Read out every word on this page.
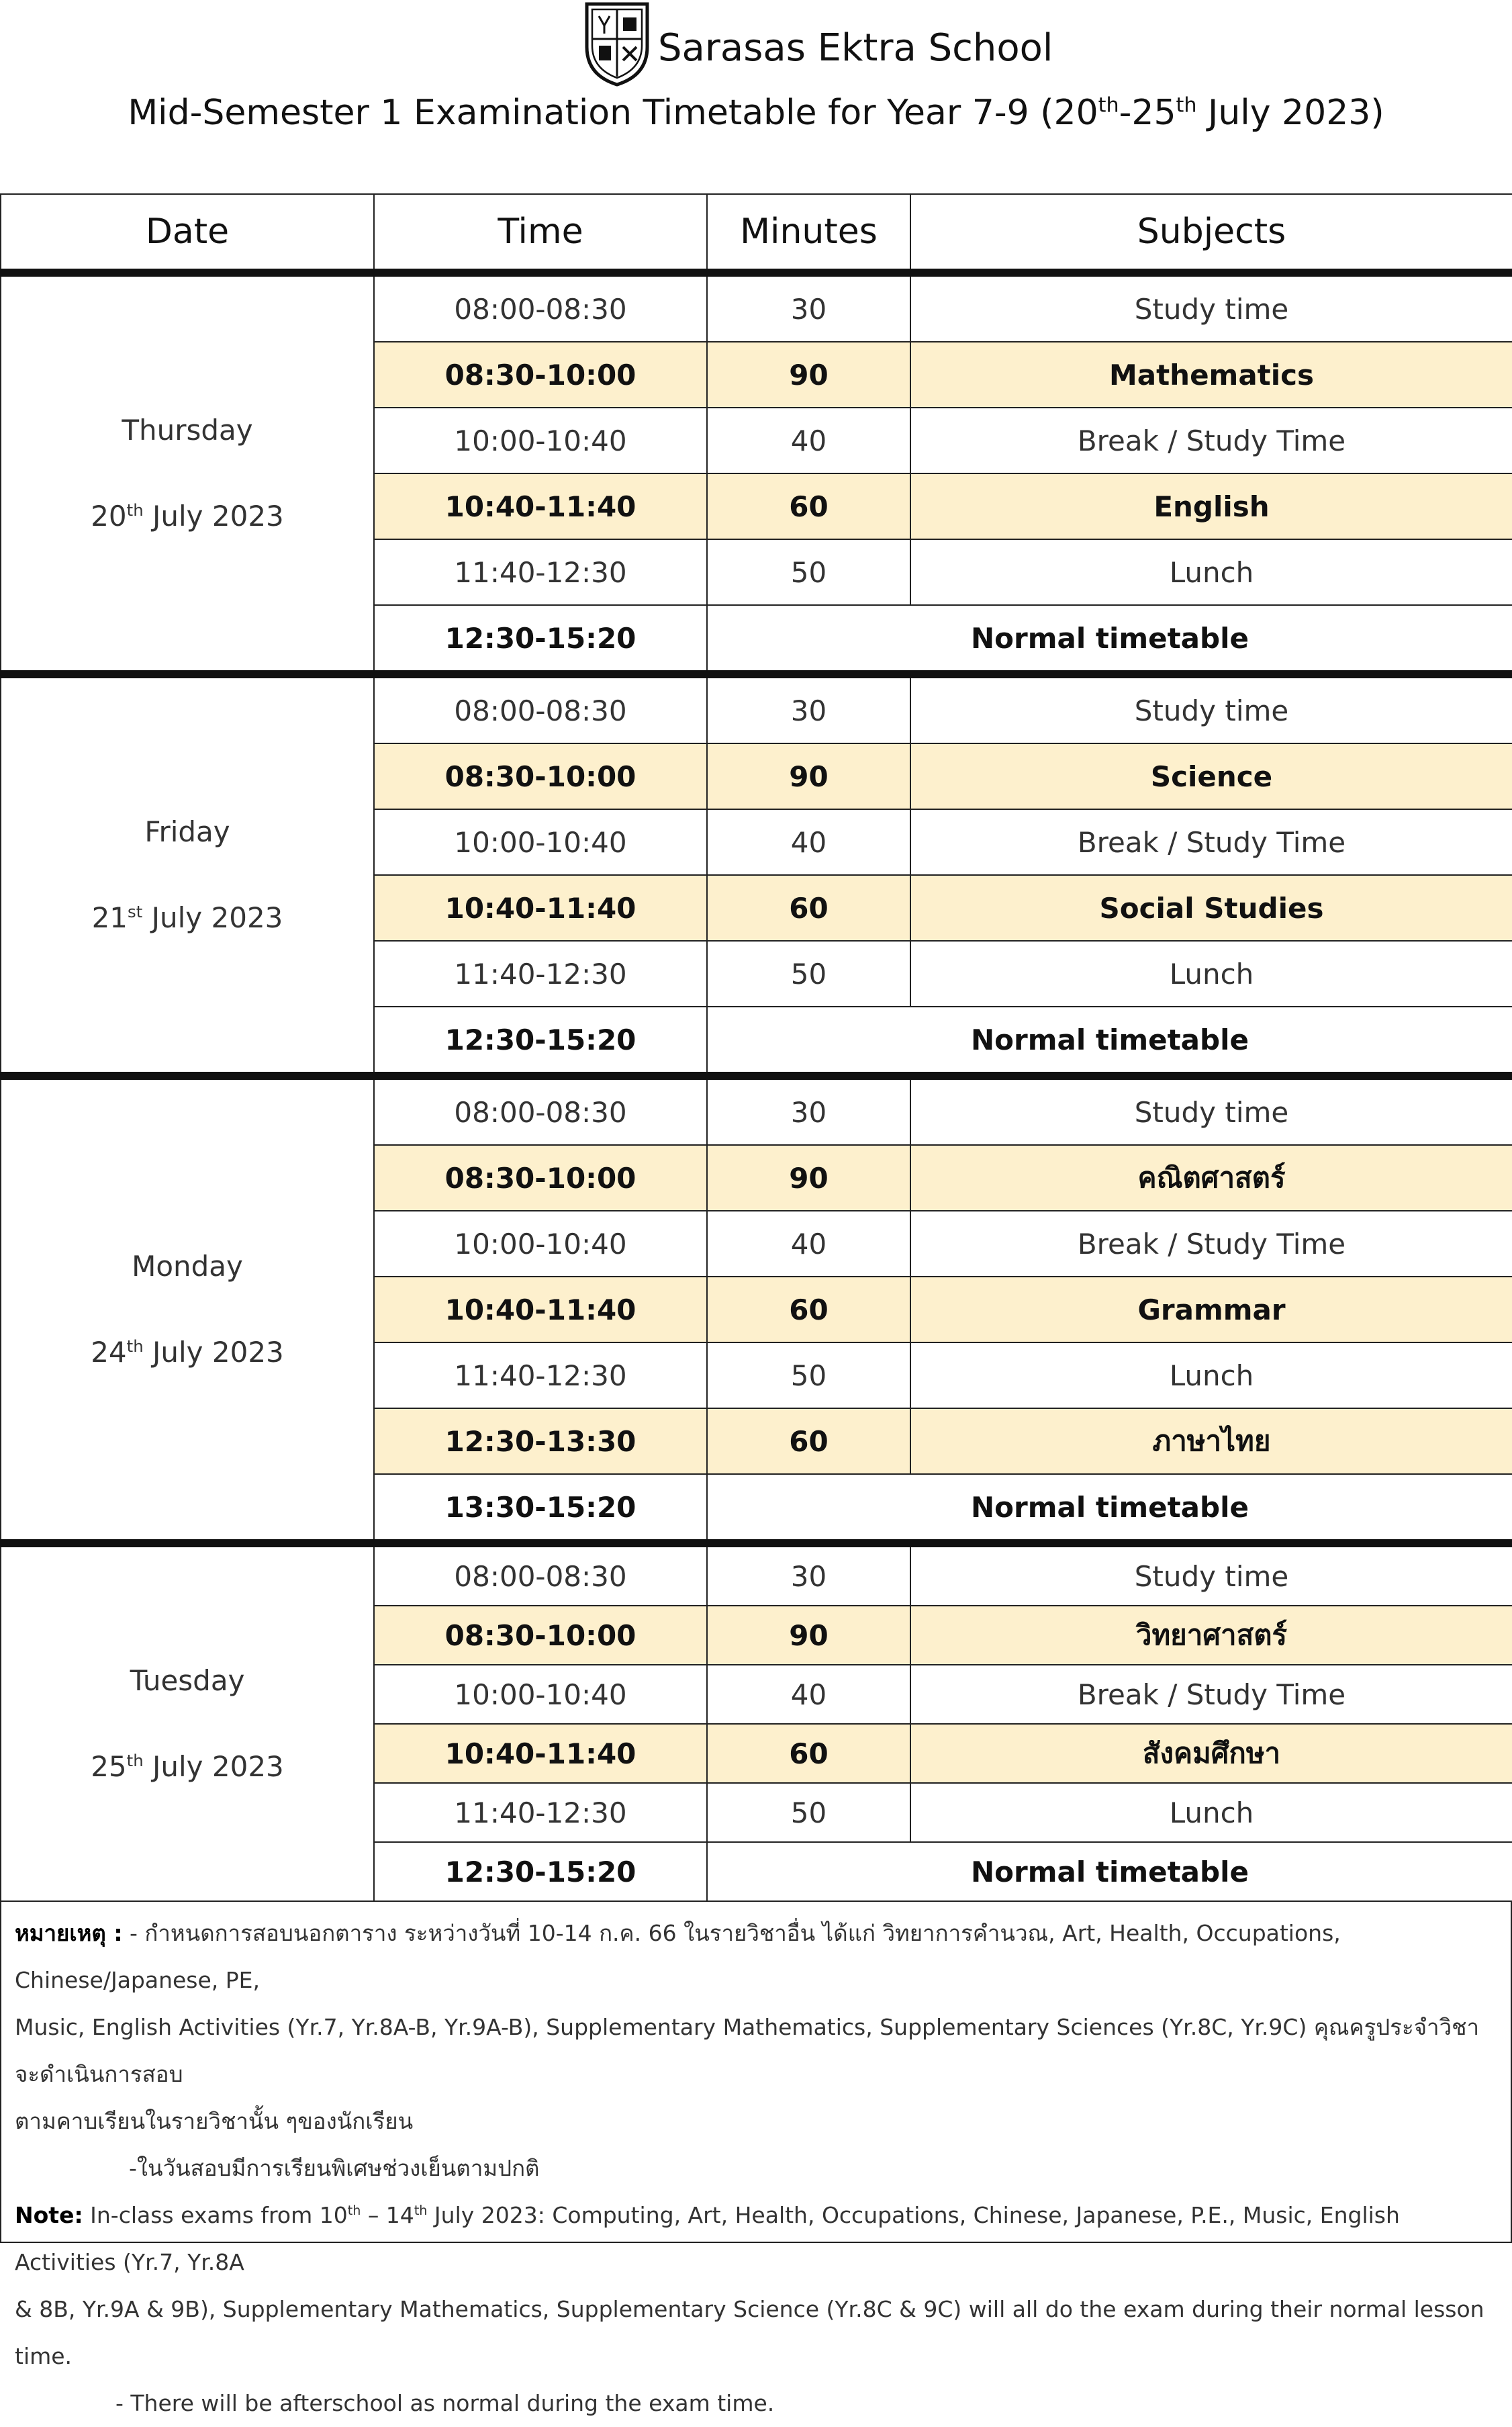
Sarasas Ektra School
Mid-Semester 1 Examination Timetable for Year 7-9 (20th-25th July 2023)
Date	Time	Minutes	Subjects

Thursday
20th July 2023	08:00-08:30	30	Study time
	08:30-10:00	90	Mathematics
	10:00-10:40	40	Break / Study Time
	10:40-11:40	60	English
	11:40-12:30	50	Lunch
	12:30-15:20	Normal timetable	

Friday
21st July 2023	08:00-08:30	30	Study time
	08:30-10:00	90	Science
	10:00-10:40	40	Break / Study Time
	10:40-11:40	60	Social Studies
	11:40-12:30	50	Lunch
	12:30-15:20	Normal timetable	

Monday
24th July 2023	08:00-08:30	30	Study time
	08:30-10:00	90	คณิตศาสตร์
	10:00-10:40	40	Break / Study Time
	10:40-11:40	60	Grammar
	11:40-12:30	50	Lunch
	12:30-13:30	60	ภาษาไทย
	13:30-15:20	Normal timetable	

Tuesday
25th July 2023	08:00-08:30	30	Study time
	08:30-10:00	90	วิทยาศาสตร์
	10:00-10:40	40	Break / Study Time
	10:40-11:40	60	สังคมศึกษา
	11:40-12:30	50	Lunch
	12:30-15:20	Normal timetable	

หมายเหตุ : - กำหนดการสอบนอกตาราง ระหว่างวันที่ 10-14 ก.ค. 66 ในรายวิชาอื่น ได้แก่ วิทยาการคำนวณ, Art, Health, Occupations, Chinese/Japanese, PE,

Music, English Activities (Yr.7, Yr.8A-B, Yr.9A-B), Supplementary Mathematics, Supplementary Sciences (Yr.8C, Yr.9C) คุณครูประจำวิชาจะดำเนินการสอบ

ตามคาบเรียนในรายวิชานั้น ๆของนักเรียน

-ในวันสอบมีการเรียนพิเศษช่วงเย็นตามปกติ

Note: In-class exams from 10th – 14th July 2023: Computing, Art, Health, Occupations, Chinese, Japanese, P.E., Music, English Activities (Yr.7, Yr.8A

& 8B, Yr.9A & 9B), Supplementary Mathematics, Supplementary Science (Yr.8C & 9C) will all do the exam during their normal lesson time.

- There will be afterschool as normal during the exam time.
